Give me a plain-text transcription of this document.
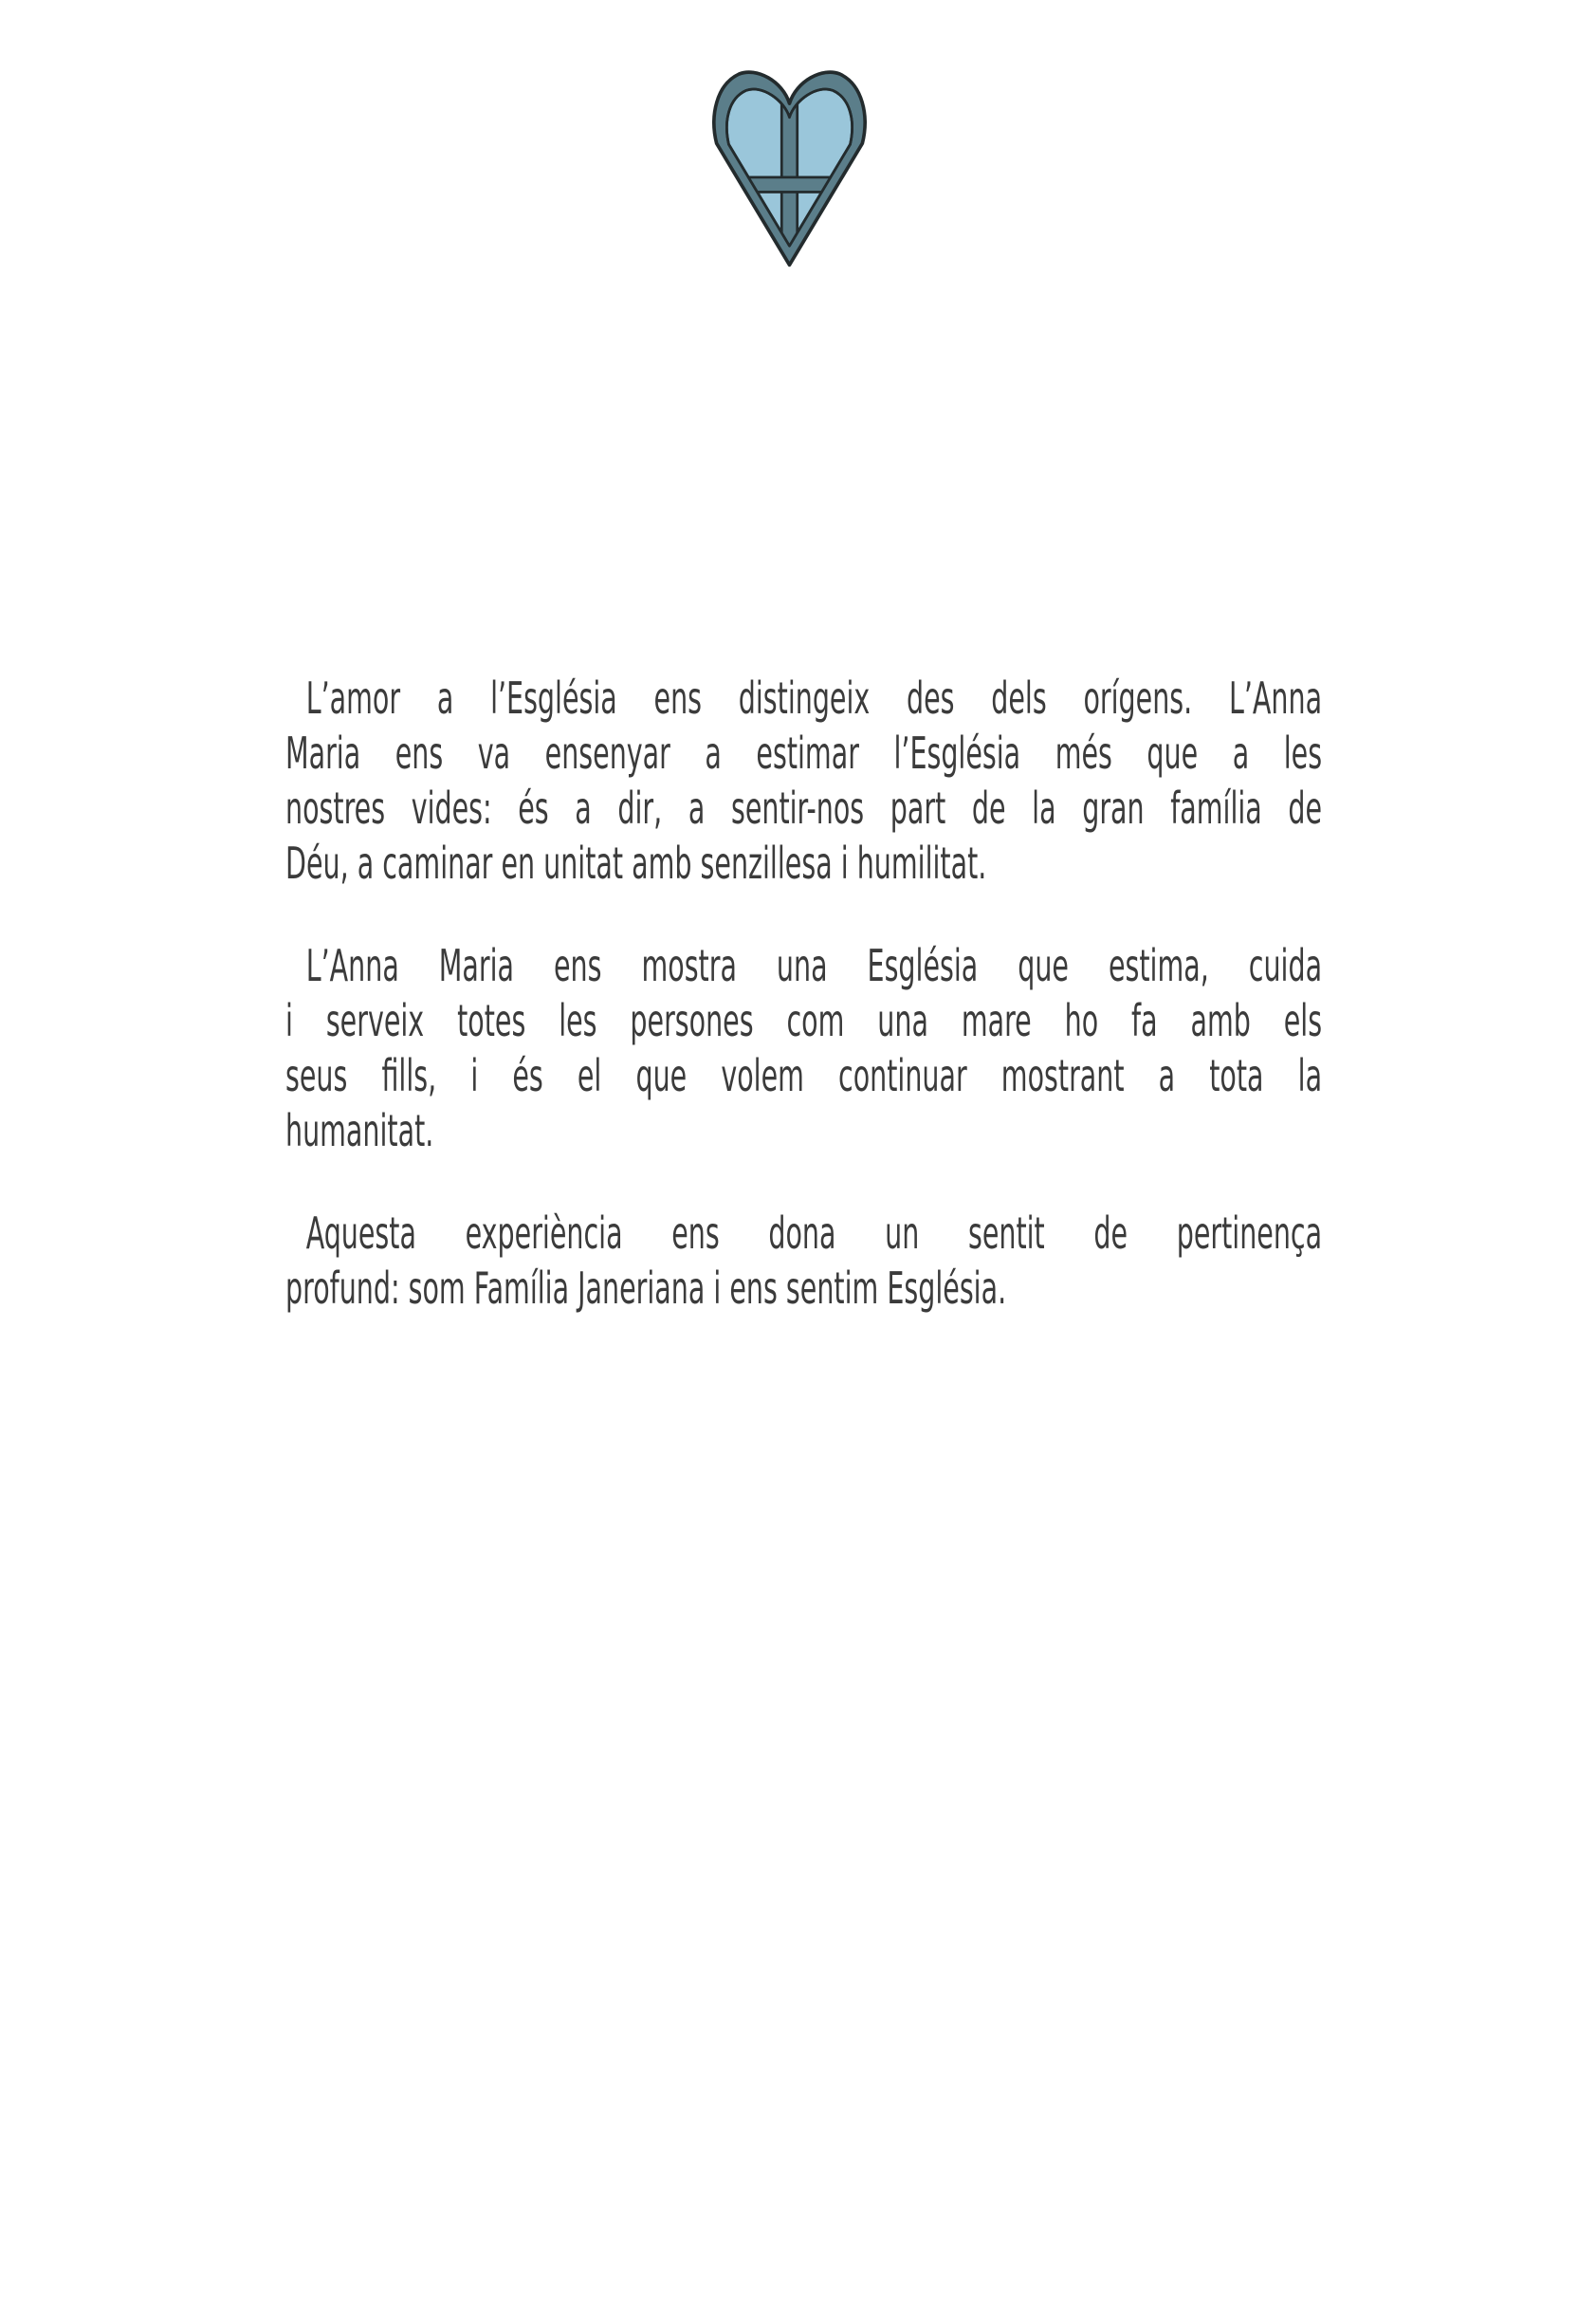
L’amor a l’Església ens distingeix des dels orígens. L’Anna
Maria ens va ensenyar a estimar l’Església més que a les
nostres vides: és a dir, a sentir-nos part de la gran família de
Déu, a caminar en unitat amb senzillesa i humilitat.
L’Anna Maria ens mostra una Església que estima, cuida
i serveix totes les persones com una mare ho fa amb els
seus fills, i és el que volem continuar mostrant a tota la
humanitat.
Aquesta experiència ens dona un sentit de pertinença
profund: som Família Janeriana i ens sentim Església.
